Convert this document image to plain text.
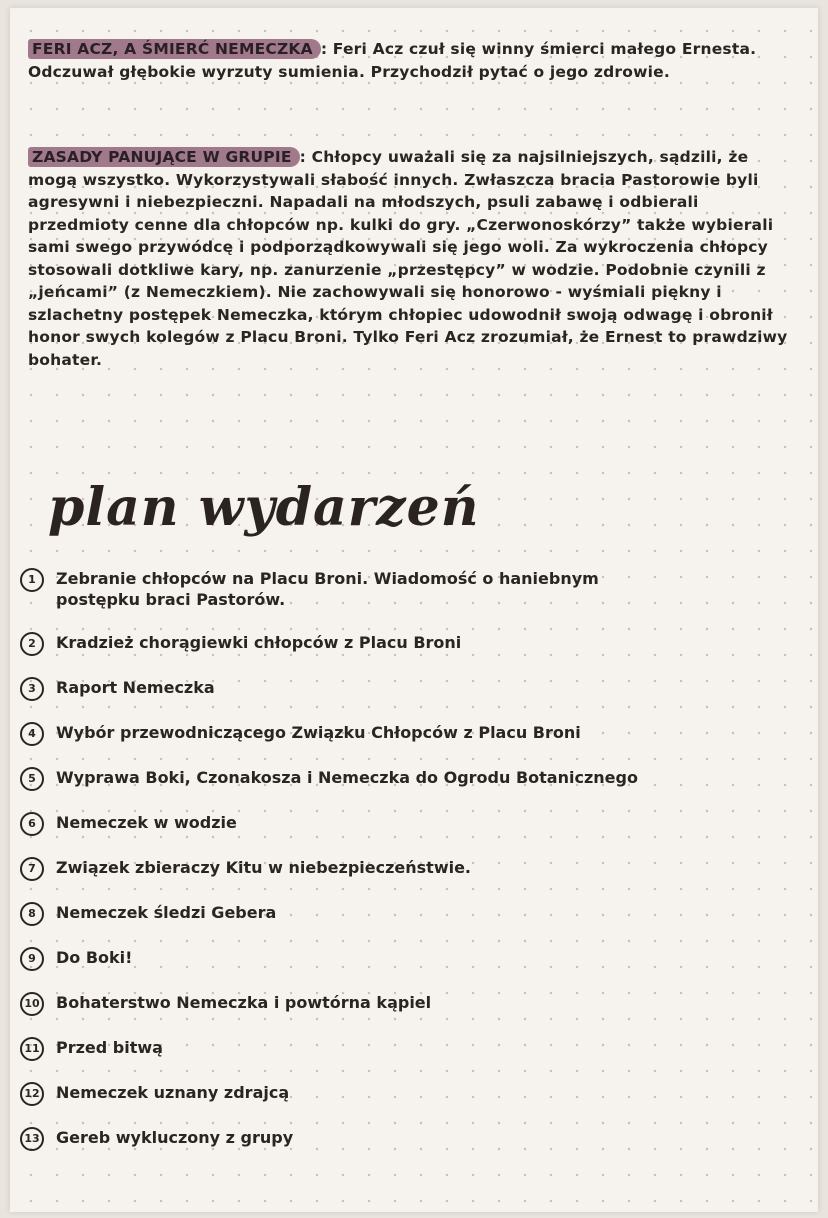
FERI ACZ, A ŚMIERĆ NEMECZKA : Feri Acz czuł się winny śmierci małego Ernesta. Odczuwał głębokie wyrzuty sumienia. Przychodził pytać o jego zdrowie.
ZASADY PANUJĄCE W GRUPIE : Chłopcy uważali się za najsilniejszych, sądzili, że mogą wszystko. Wykorzystywali słabość innych. Zwłaszcza bracia Pastorowie byli agresywni i niebezpieczni. Napadali na młodszych, psuli zabawę i odbierali przedmioty cenne dla chłopców np. kulki do gry. „Czerwonoskórzy” także wybierali sami swego przywódcę i podporządkowywali się jego woli. Za wykroczenia chłopcy stosowali dotkliwe kary, np. zanurzenie „przestępcy” w wodzie. Podobnie czynili z „jeńcami” (z Nemeczkiem). Nie zachowywali się honorowo - wyśmiali piękny i szlachetny postępek Nemeczka, którym chłopiec udowodnił swoją odwagę i obronił honor swych kolegów z Placu Broni. Tylko Feri Acz zrozumiał, że Ernest to prawdziwy bohater.
plan wydarzeń
1	Zebranie chłopców na Placu Broni. Wiadomość o haniebnym postępku braci Pastorów.
2	Kradzież chorągiewki chłopców z Placu Broni
3	Raport Nemeczka
4	Wybór przewodniczącego Związku Chłopców z Placu Broni
5	Wyprawa Boki, Czonakosza i Nemeczka do Ogrodu Botanicznego
6	Nemeczek w wodzie
7	Związek zbieraczy Kitu w niebezpieczeństwie.
8	Nemeczek śledzi Gebera
9	Do Boki!
10 Bohaterstwo Nemeczka i powtórna kąpiel
11 Przed bitwą
12 Nemeczek uznany zdrajcą
13 Gereb wykluczony z grupy
